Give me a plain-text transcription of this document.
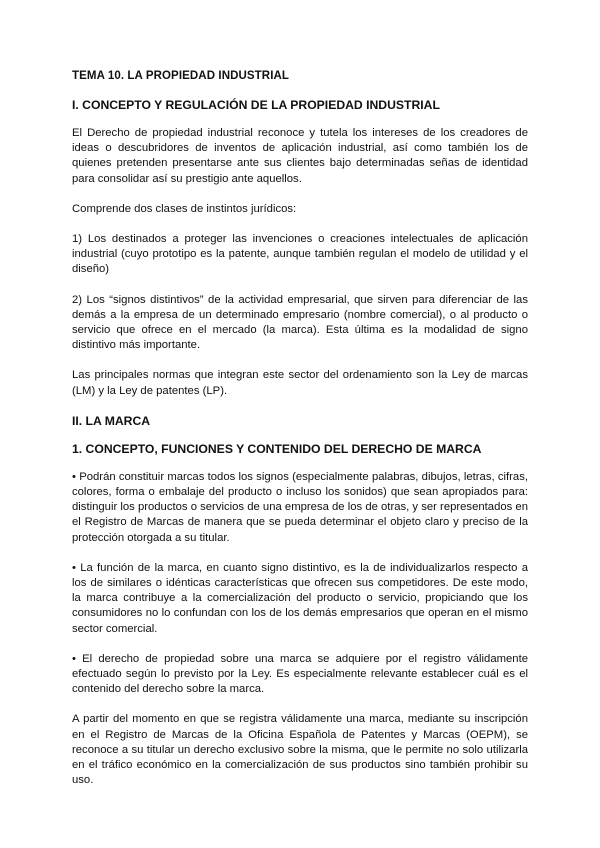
TEMA 10. LA PROPIEDAD INDUSTRIAL
I. CONCEPTO Y REGULACIÓN DE LA PROPIEDAD INDUSTRIAL

El Derecho de propiedad industrial reconoce y tutela los intereses de los creadores de ideas o descubridores de inventos de aplicación industrial, así como también los de quienes pretenden presentarse ante sus clientes bajo determinadas señas de identidad para consolidar así su prestigio ante aquellos.

Comprende dos clases de instintos jurídicos:

1) Los destinados a proteger las invenciones o creaciones intelectuales de aplicación industrial (cuyo prototipo es la patente, aunque también regulan el modelo de utilidad y el diseño)

2) Los “signos distintivos” de la actividad empresarial, que sirven para diferenciar de las demás a la empresa de un determinado empresario (nombre comercial), o al producto o servicio que ofrece en el mercado (la marca). Esta última es la modalidad de signo distintivo más importante.

Las principales normas que integran este sector del ordenamiento son la Ley de marcas (LM) y la Ley de patentes (LP).

II. LA MARCA
1. CONCEPTO, FUNCIONES Y CONTENIDO DEL DERECHO DE MARCA

• Podrán constituir marcas todos los signos (especialmente palabras, dibujos, letras, cifras, colores, forma o embalaje del producto o incluso los sonidos) que sean apropiados para: distinguir los productos o servicios de una empresa de los de otras, y ser representados en el Registro de Marcas de manera que se pueda determinar el objeto claro y preciso de la protección otorgada a su titular.

• La función de la marca, en cuanto signo distintivo, es la de individualizarlos respecto a los de similares o idénticas características que ofrecen sus competidores. De este modo, la marca contribuye a la comercialización del producto o servicio, propiciando que los consumidores no lo confundan con los de los demás empresarios que operan en el mismo sector comercial.

• El derecho de propiedad sobre una marca se adquiere por el registro válidamente efectuado según lo previsto por la Ley. Es especialmente relevante establecer cuál es el contenido del derecho sobre la marca.

A partir del momento en que se registra válidamente una marca, mediante su inscripción en el Registro de Marcas de la Oficina Española de Patentes y Marcas (OEPM), se reconoce a su titular un derecho exclusivo sobre la misma, que le permite no solo utilizarla en el tráfico económico en la comercialización de sus productos sino también prohibir su uso.
